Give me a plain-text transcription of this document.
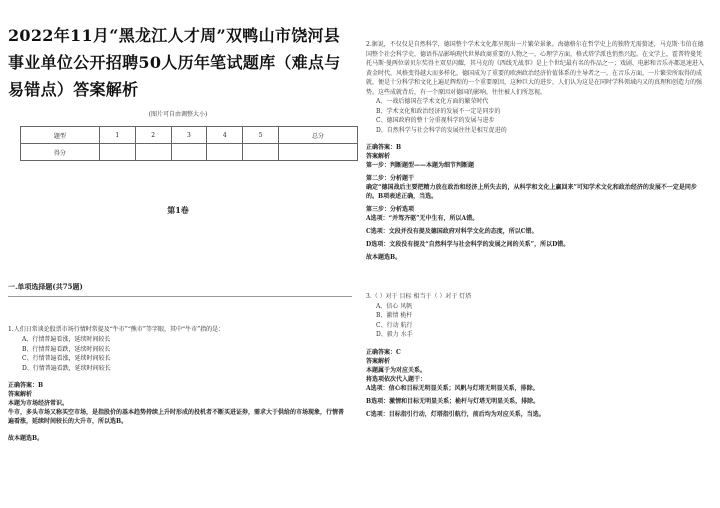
2022年11月“黑龙江人才周”双鸭山市饶河县事业单位公开招聘50人历年笔试题库（难点与易错点）答案解析
(图片可自由调整大小)
题型	1	2	3	4	5	总分
得分						
第1卷
一.单项选择题(共75题)
1.人们日常谈论股票市场行情时常提及“牛市”“熊市”等字眼，其中“牛市”指的是：
A、行情普遍看涨，延续时间较长
B、行情普遍看跌，延续时间较长
C、行情普遍看涨，延续时间较长
D、行情普遍看跌，延续时间较长
正确答案：B
答案解析
本题为市场经济常识。
牛市，多头市场又称买空市场，是指股价的基本趋势持续上升时形成的投机者不断买进证券，需求大于供给的市场现象，行情普遍看涨，延续时间较长的大升市，所以选B。
故本题选B。
2.据说，不仅仅是自然科学，德国整个学术文化都呈现出一片繁荣景象。海德格尔在哲学史上的独特无需赘述，马克斯·韦伯在德国整个社会科学史，德语作品影响现代世界政商重要的人物之一，心理学方面，格式塔学派也悄然兴起。在文学上，霍普特曼凭托马斯·曼两位诺贝尔奖得主双星闪耀，其马克的《西线无战事》是上个世纪最有名的作品之一；戏剧、电影和音乐亦都迅速进入黄金时代，风格变得越大而多样化，德国成为了重要的欧洲政治经济价值体系的主导者之一。在音乐方面，一片繁荣所取得的成就，便是十分科学和文化上遍足辉煌的一个重要原因，这种巨大的进步，人们认为这是在同时学科领域内又的真理和创造力的强势。这些成就背后，有一个原因对德国的影响，往往被人们所忽视。
A、一战后德国在学术文化方面的繁荣时代
B、学术文化和政治经济的发展不一定是同步的
C、德国政府的整十分重视科学的发展与进步
D、自然科学与社会科学的发展往往是相互促进的
正确答案：B
答案解析
第一步：判断题型——本题为细节判断题
第二步：分析题干
确定“德国战后主要把精力放在政治和经济上所失去的，从科学和文化上赢回来”可知学术文化和政治经济的发展不一定是同步的。B项表述正确，当选。
第三步：分析选项
A选项：“并驾齐驱”无中生有，所以A错。
C选项：文段并没有提及德国政府对科学文化的态度，所以C错。
D选项：文段没有提及“自然科学与社会科学的发展之间的关系”，所以D错。
故本题选B。
3.（ ）对于 目标 相当于（ ）对于 灯塔
A、信心 风帆
B、激情 桅杆
C、行动 航行
D、毅力 水手
正确答案：C
答案解析
本题属于为对应关系。
将选项依次代入题干：
A选项：信心和目标无明显关系；风帆与灯塔无明显关系，排除。
B选项：激情和目标无明显关系；桅杆与灯塔无明显关系，排除。
C选项：目标指引行动，灯塔指引航行，前后均为对应关系，当选。
